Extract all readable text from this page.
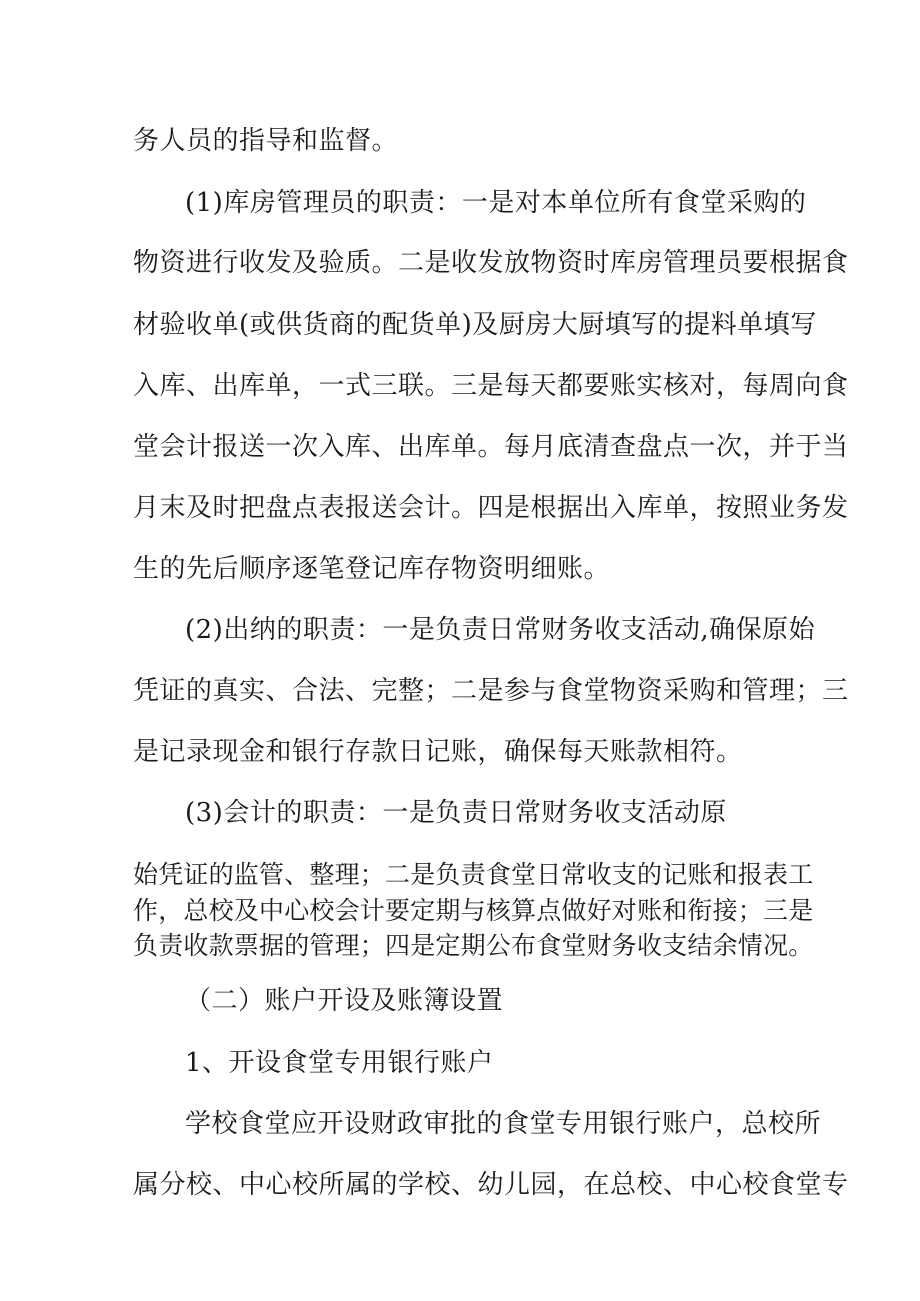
务人员的指导和监督。
(1)库房管理员的职责：一是对本单位所有食堂采购的
物资进行收发及验质。二是收发放物资时库房管理员要根据食
材验收单(或供货商的配货单)及厨房大厨填写的提料单填写
入库、出库单，一式三联。三是每天都要账实核对，每周向食
堂会计报送一次入库、出库单。每月底清查盘点一次，并于当
月末及时把盘点表报送会计。四是根据出入库单，按照业务发
生的先后顺序逐笔登记库存物资明细账。
(2)出纳的职责：一是负责日常财务收支活动,确保原始
凭证的真实、合法、完整；二是参与食堂物资采购和管理；三
是记录现金和银行存款日记账，确保每天账款相符。
(3)会计的职责：一是负责日常财务收支活动原
始凭证的监管、整理；二是负责食堂日常收支的记账和报表工
作，总校及中心校会计要定期与核算点做好对账和衔接；三是
负责收款票据的管理；四是定期公布食堂财务收支结余情况。
（二）账户开设及账簿设置
1、开设食堂专用银行账户
学校食堂应开设财政审批的食堂专用银行账户，总校所
属分校、中心校所属的学校、幼儿园，在总校、中心校食堂专
